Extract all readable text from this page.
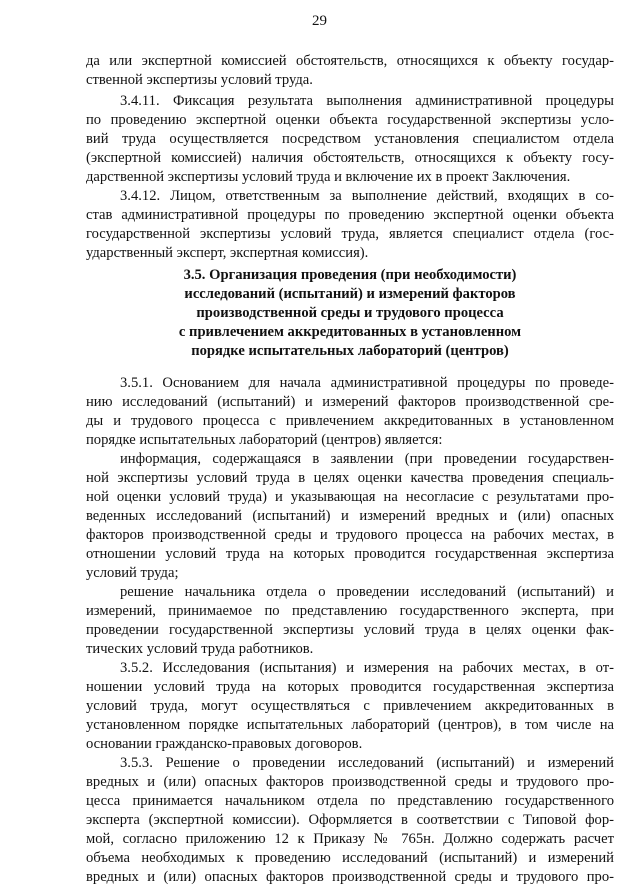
29
да или экспертной комиссией обстоятельств, относящихся к объекту государ-
ственной экспертизы условий труда.
3.4.11. Фиксация результата выполнения административной процедуры
по проведению экспертной оценки объекта государственной экспертизы усло-
вий труда осуществляется посредством установления специалистом отдела
(экспертной комиссией) наличия обстоятельств, относящихся к объекту госу-
дарственной экспертизы условий труда и включение их в проект Заключения.
3.4.12. Лицом, ответственным за выполнение действий, входящих в со-
став административной процедуры по проведению экспертной оценки объекта
государственной экспертизы условий труда, является специалист отдела (гос-
ударственный эксперт, экспертная комиссия).
3.5. Организация проведения (при необходимости)
исследований (испытаний) и измерений факторов
производственной среды и трудового процесса
с привлечением аккредитованных в установленном
порядке испытательных лабораторий (центров)
3.5.1. Основанием для начала административной процедуры по проведе-
нию исследований (испытаний) и измерений факторов производственной сре-
ды и трудового процесса с привлечением аккредитованных в установленном
порядке испытательных лабораторий (центров) является:
информация, содержащаяся в заявлении (при проведении государствен-
ной экспертизы условий труда в целях оценки качества проведения специаль-
ной оценки условий труда) и указывающая на несогласие с результатами про-
веденных исследований (испытаний) и измерений вредных и (или) опасных
факторов производственной среды и трудового процесса на рабочих местах, в
отношении условий труда на которых проводится государственная экспертиза
условий труда;
решение начальника отдела о проведении исследований (испытаний) и
измерений, принимаемое по представлению государственного эксперта, при
проведении государственной экспертизы условий труда в целях оценки фак-
тических условий труда работников.
3.5.2. Исследования (испытания) и измерения на рабочих местах, в от-
ношении условий труда на которых проводится государственная экспертиза
условий труда, могут осуществляться с привлечением аккредитованных в
установленном порядке испытательных лабораторий (центров), в том числе на
основании гражданско-правовых договоров.
3.5.3. Решение о проведении исследований (испытаний) и измерений
вредных и (или) опасных факторов производственной среды и трудового про-
цесса принимается начальником отдела по представлению государственного
эксперта (экспертной комиссии). Оформляется в соответствии с Типовой фор-
мой, согласно приложению 12 к Приказу № 765н. Должно содержать расчет
объема необходимых к проведению исследований (испытаний) и измерений
вредных и (или) опасных факторов производственной среды и трудового про-
